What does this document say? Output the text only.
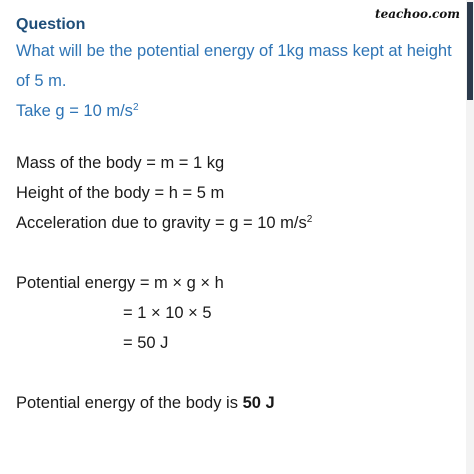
teachoo.com
Question
What will be the potential energy of 1kg mass kept at height of 5 m.
Take g = 10 $m/s^2$
Mass of the body = m = 1 kg
Height of the body = h = 5 m
Acceleration due to gravity = g = 10 $m/s^2$
Potential energy = m × g × h
= 1 × 10 × 5
= 50 J
Potential energy of the body is 50 J
